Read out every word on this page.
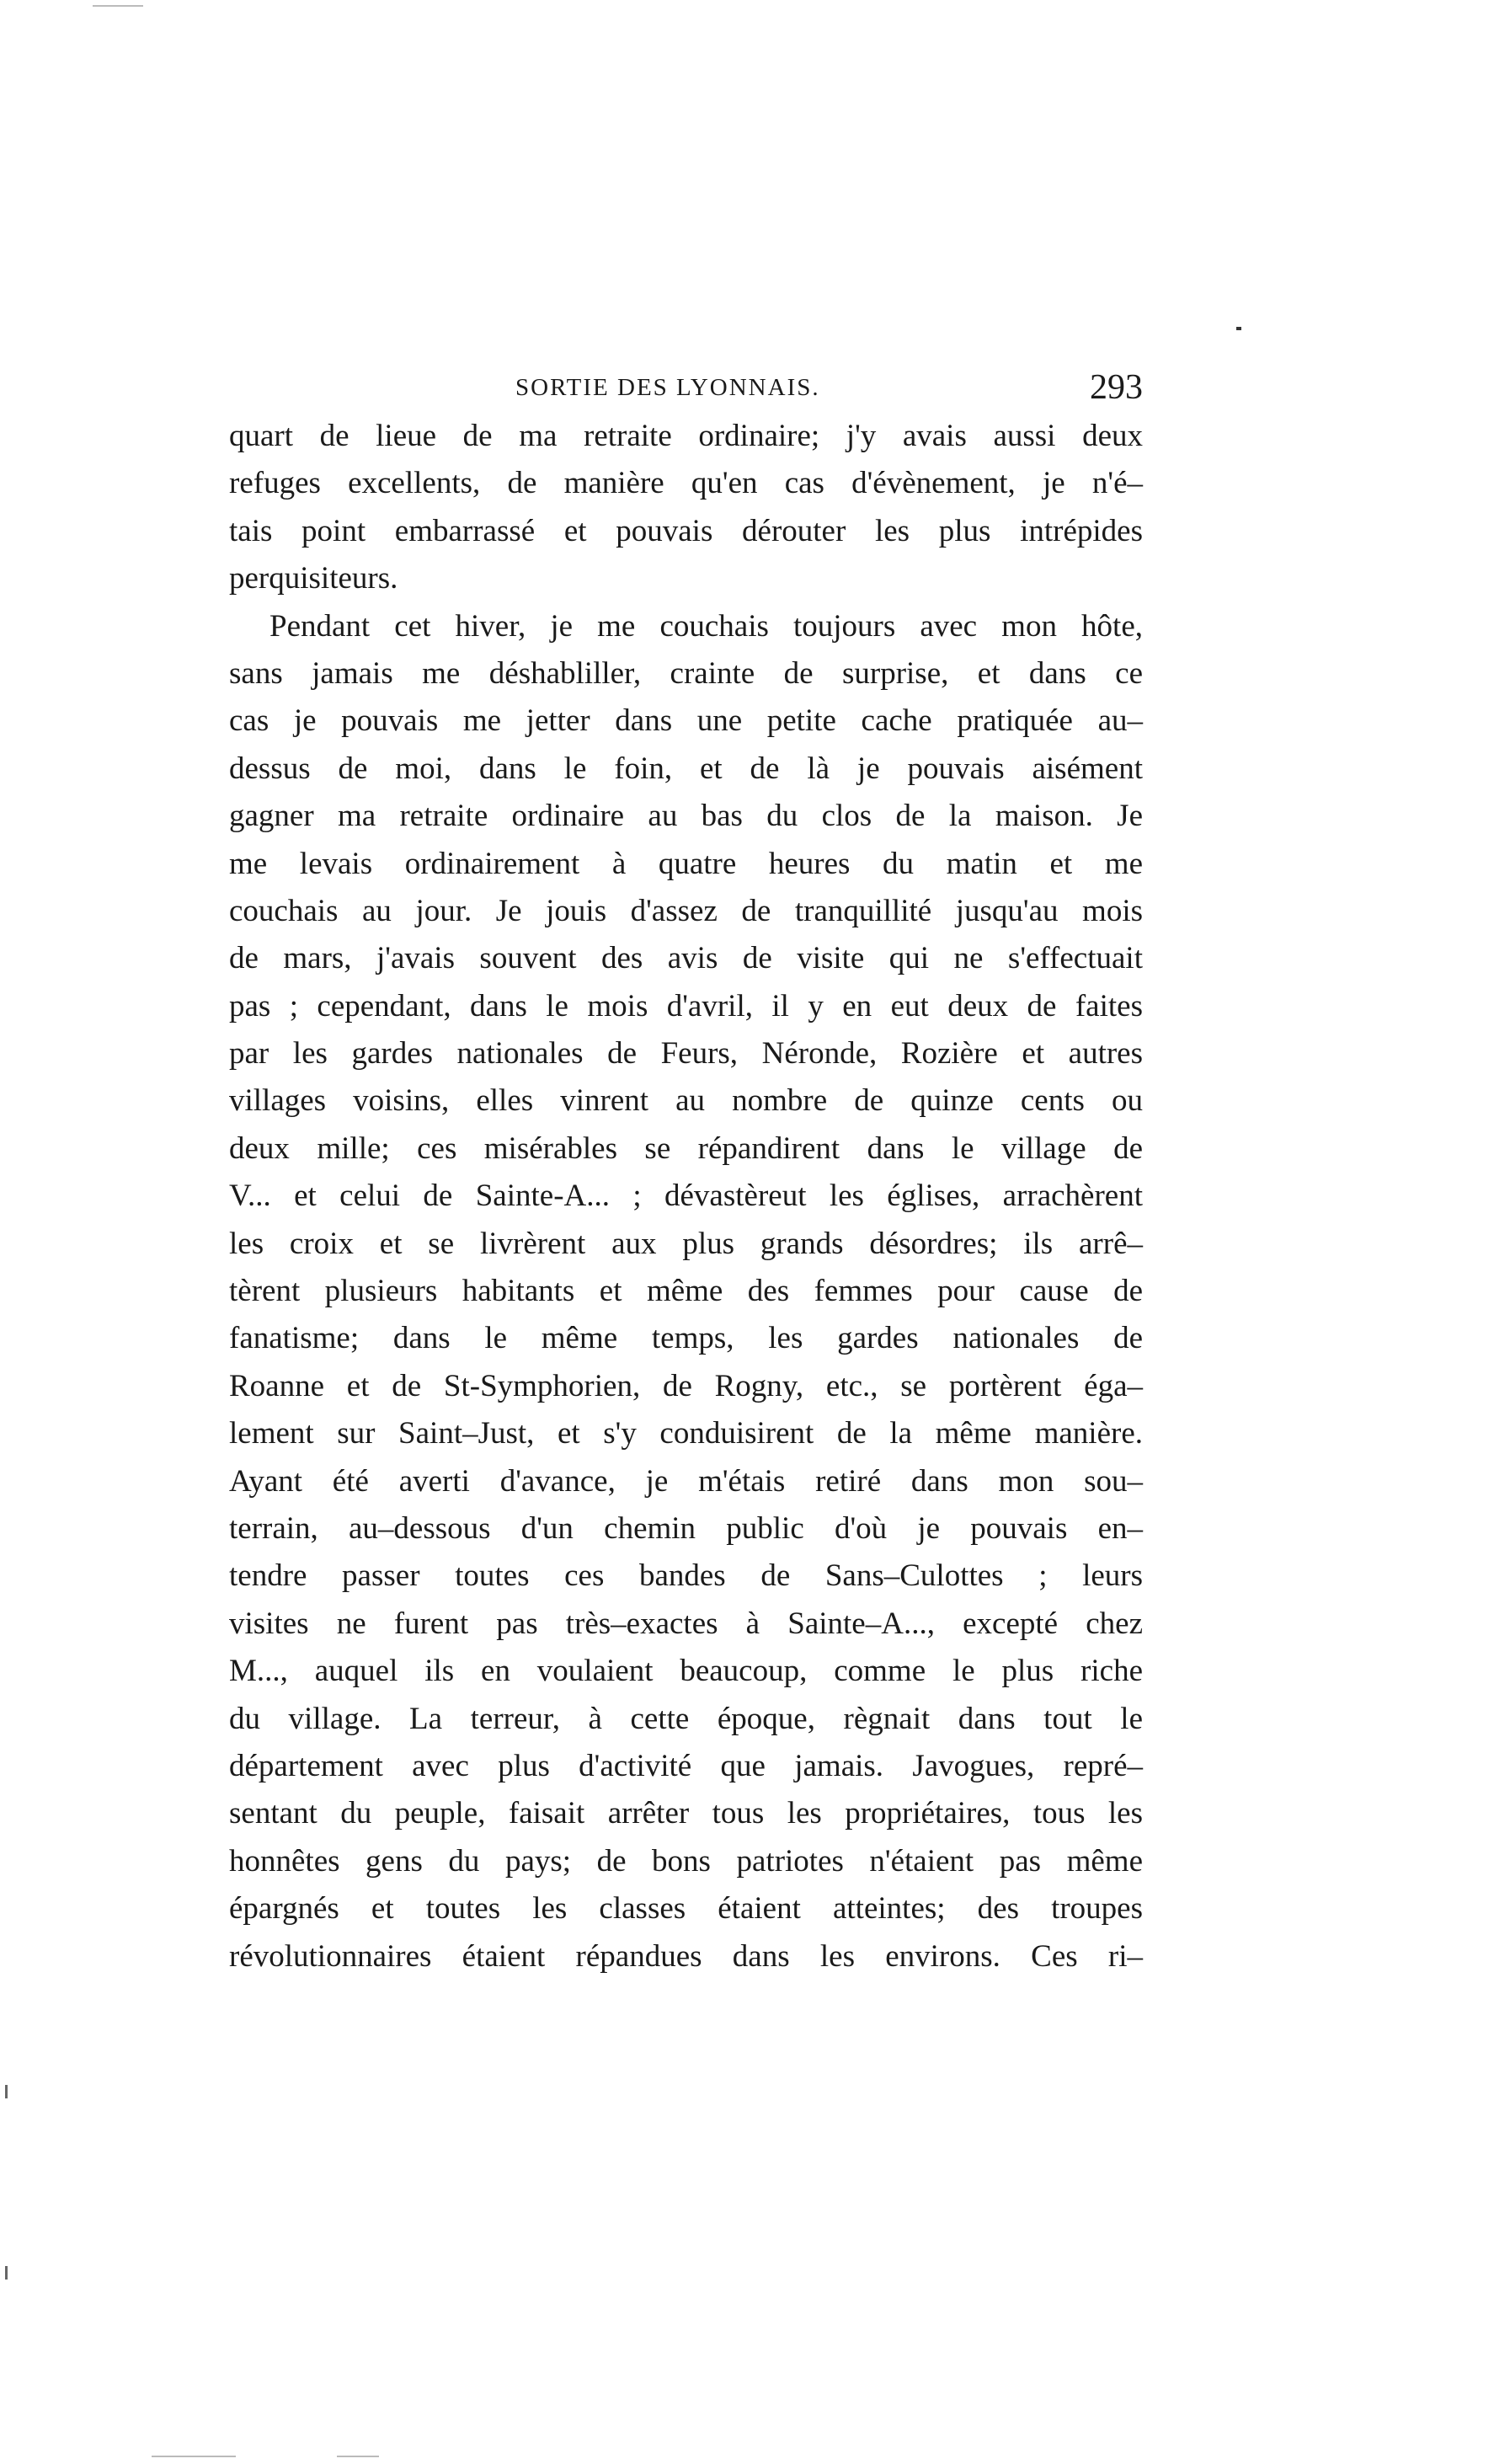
SORTIE DES LYONNAIS.	293
quart de lieue de ma retraite ordinaire; j'y avais aussi deux
refuges excellents, de manière qu'en cas d'évènement, je n'é–
tais point embarrassé et pouvais dérouter les plus intrépides
perquisiteurs.
Pendant cet hiver, je me couchais toujours avec mon hôte,
sans jamais me déshabliller, crainte de surprise, et dans ce
cas je pouvais me jetter dans une petite cache pratiquée au–
dessus de moi, dans le foin, et de là je pouvais aisément
gagner ma retraite ordinaire au bas du clos de la maison. Je
me levais ordinairement à quatre heures du matin et me
couchais au jour. Je jouis d'assez de tranquillité jusqu'au mois
de mars, j'avais souvent des avis de visite qui ne s'effectuait
pas ; cependant, dans le mois d'avril, il y en eut deux de faites
par les gardes nationales de Feurs, Néronde, Rozière et autres
villages voisins, elles vinrent au nombre de quinze cents ou
deux mille; ces misérables se répandirent dans le village de
V... et celui de Sainte-A... ; dévastèreut les églises, arrachèrent
les croix et se livrèrent aux plus grands désordres; ils arrê–
tèrent plusieurs habitants et même des femmes pour cause de
fanatisme; dans le même temps, les gardes nationales de
Roanne et de St-Symphorien, de Rogny, etc., se portèrent éga–
lement sur Saint–Just, et s'y conduisirent de la même manière.
Ayant été averti d'avance, je m'étais retiré dans mon sou–
terrain, au–dessous d'un chemin public d'où je pouvais en–
tendre passer toutes ces bandes de Sans–Culottes ; leurs
visites ne furent pas très–exactes à Sainte–A..., excepté chez
M..., auquel ils en voulaient beaucoup, comme le plus riche
du village. La terreur, à cette époque, règnait dans tout le
département avec plus d'activité que jamais. Javogues, repré–
sentant du peuple, faisait arrêter tous les propriétaires, tous les
honnêtes gens du pays; de bons patriotes n'étaient pas même
épargnés et toutes les classes étaient atteintes; des troupes
révolutionnaires étaient répandues dans les environs. Ces ri–
